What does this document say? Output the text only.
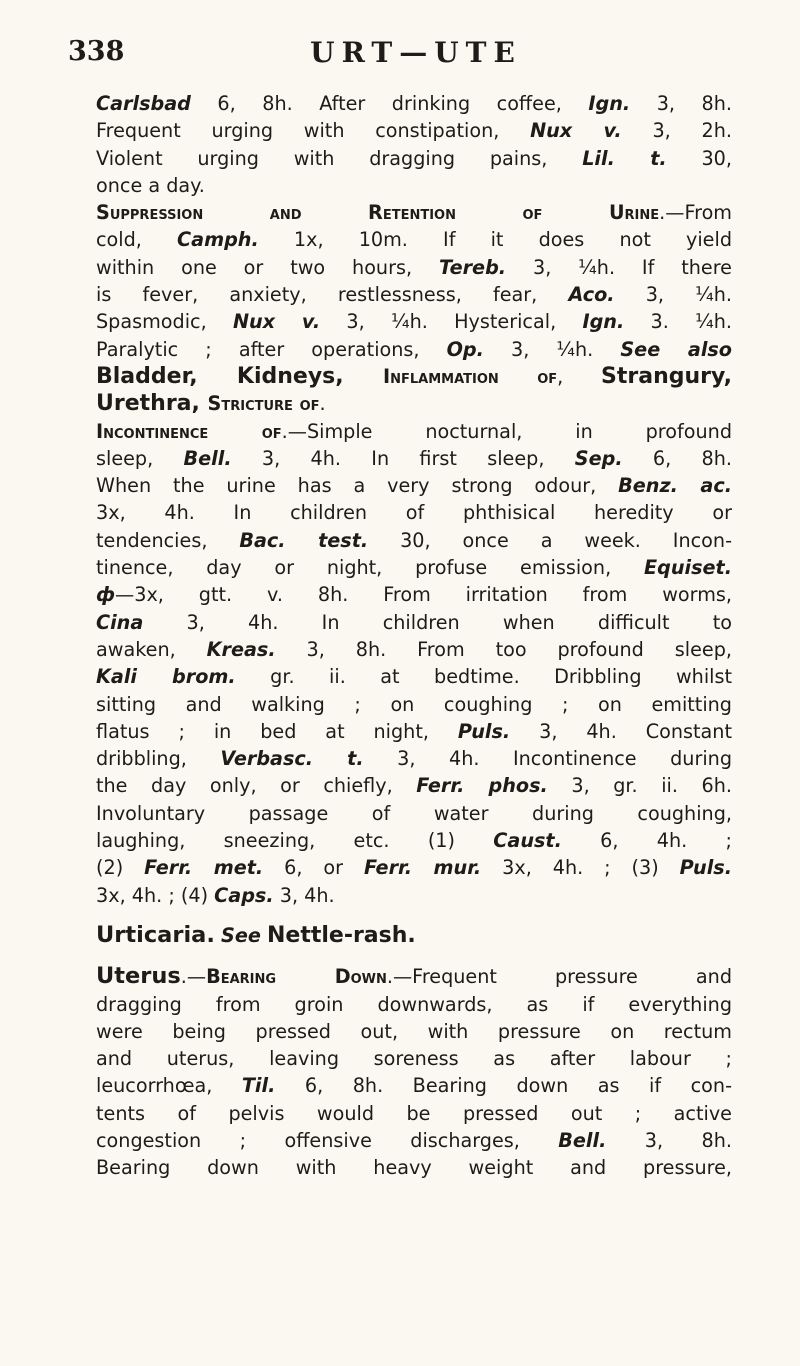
338	URT—UTE
Carlsbad 6, 8h. After drinking coffee, Ign. 3, 8h.
Frequent urging with constipation, Nux v. 3, 2h.
Violent urging with dragging pains, Lil. t. 30,
once a day.
Suppression and Retention of Urine.—From
cold, Camph. 1x, 10m. If it does not yield
within one or two hours, Tereb. 3, ¼h. If there
is fever, anxiety, restlessness, fear, Aco. 3, ¼h.
Spasmodic, Nux v. 3, ¼h. Hysterical, Ign. 3. ¼h.
Paralytic ; after operations, Op. 3, ¼h. See also
Bladder, Kidneys, Inflammation of, Strangury,
Urethra, Stricture of.
Incontinence of.—Simple nocturnal, in profound
sleep, Bell. 3, 4h. In first sleep, Sep. 6, 8h.
When the urine has a very strong odour, Benz. ac.
3x, 4h. In children of phthisical heredity or
tendencies, Bac. test. 30, once a week. Incon-
tinence, day or night, profuse emission, Equiset.
ф—3x, gtt. v. 8h. From irritation from worms,
Cina 3, 4h. In children when difficult to
awaken, Kreas. 3, 8h. From too profound sleep,
Kali brom. gr. ii. at bedtime. Dribbling whilst
sitting and walking ; on coughing ; on emitting
flatus ; in bed at night, Puls. 3, 4h. Constant
dribbling, Verbasc. t. 3, 4h. Incontinence during
the day only, or chiefly, Ferr. phos. 3, gr. ii. 6h.
Involuntary passage of water during coughing,
laughing, sneezing, etc. (1) Caust. 6, 4h. ;
(2) Ferr. met. 6, or Ferr. mur. 3x, 4h. ; (3) Puls.
3x, 4h. ; (4) Caps. 3, 4h.
Urticaria. See Nettle-rash.
Uterus.—Bearing Down.—Frequent pressure and
dragging from groin downwards, as if everything
were being pressed out, with pressure on rectum
and uterus, leaving soreness as after labour ;
leucorrhœa, Til. 6, 8h. Bearing down as if con-
tents of pelvis would be pressed out ; active
congestion ; offensive discharges, Bell. 3, 8h.
Bearing down with heavy weight and pressure,
